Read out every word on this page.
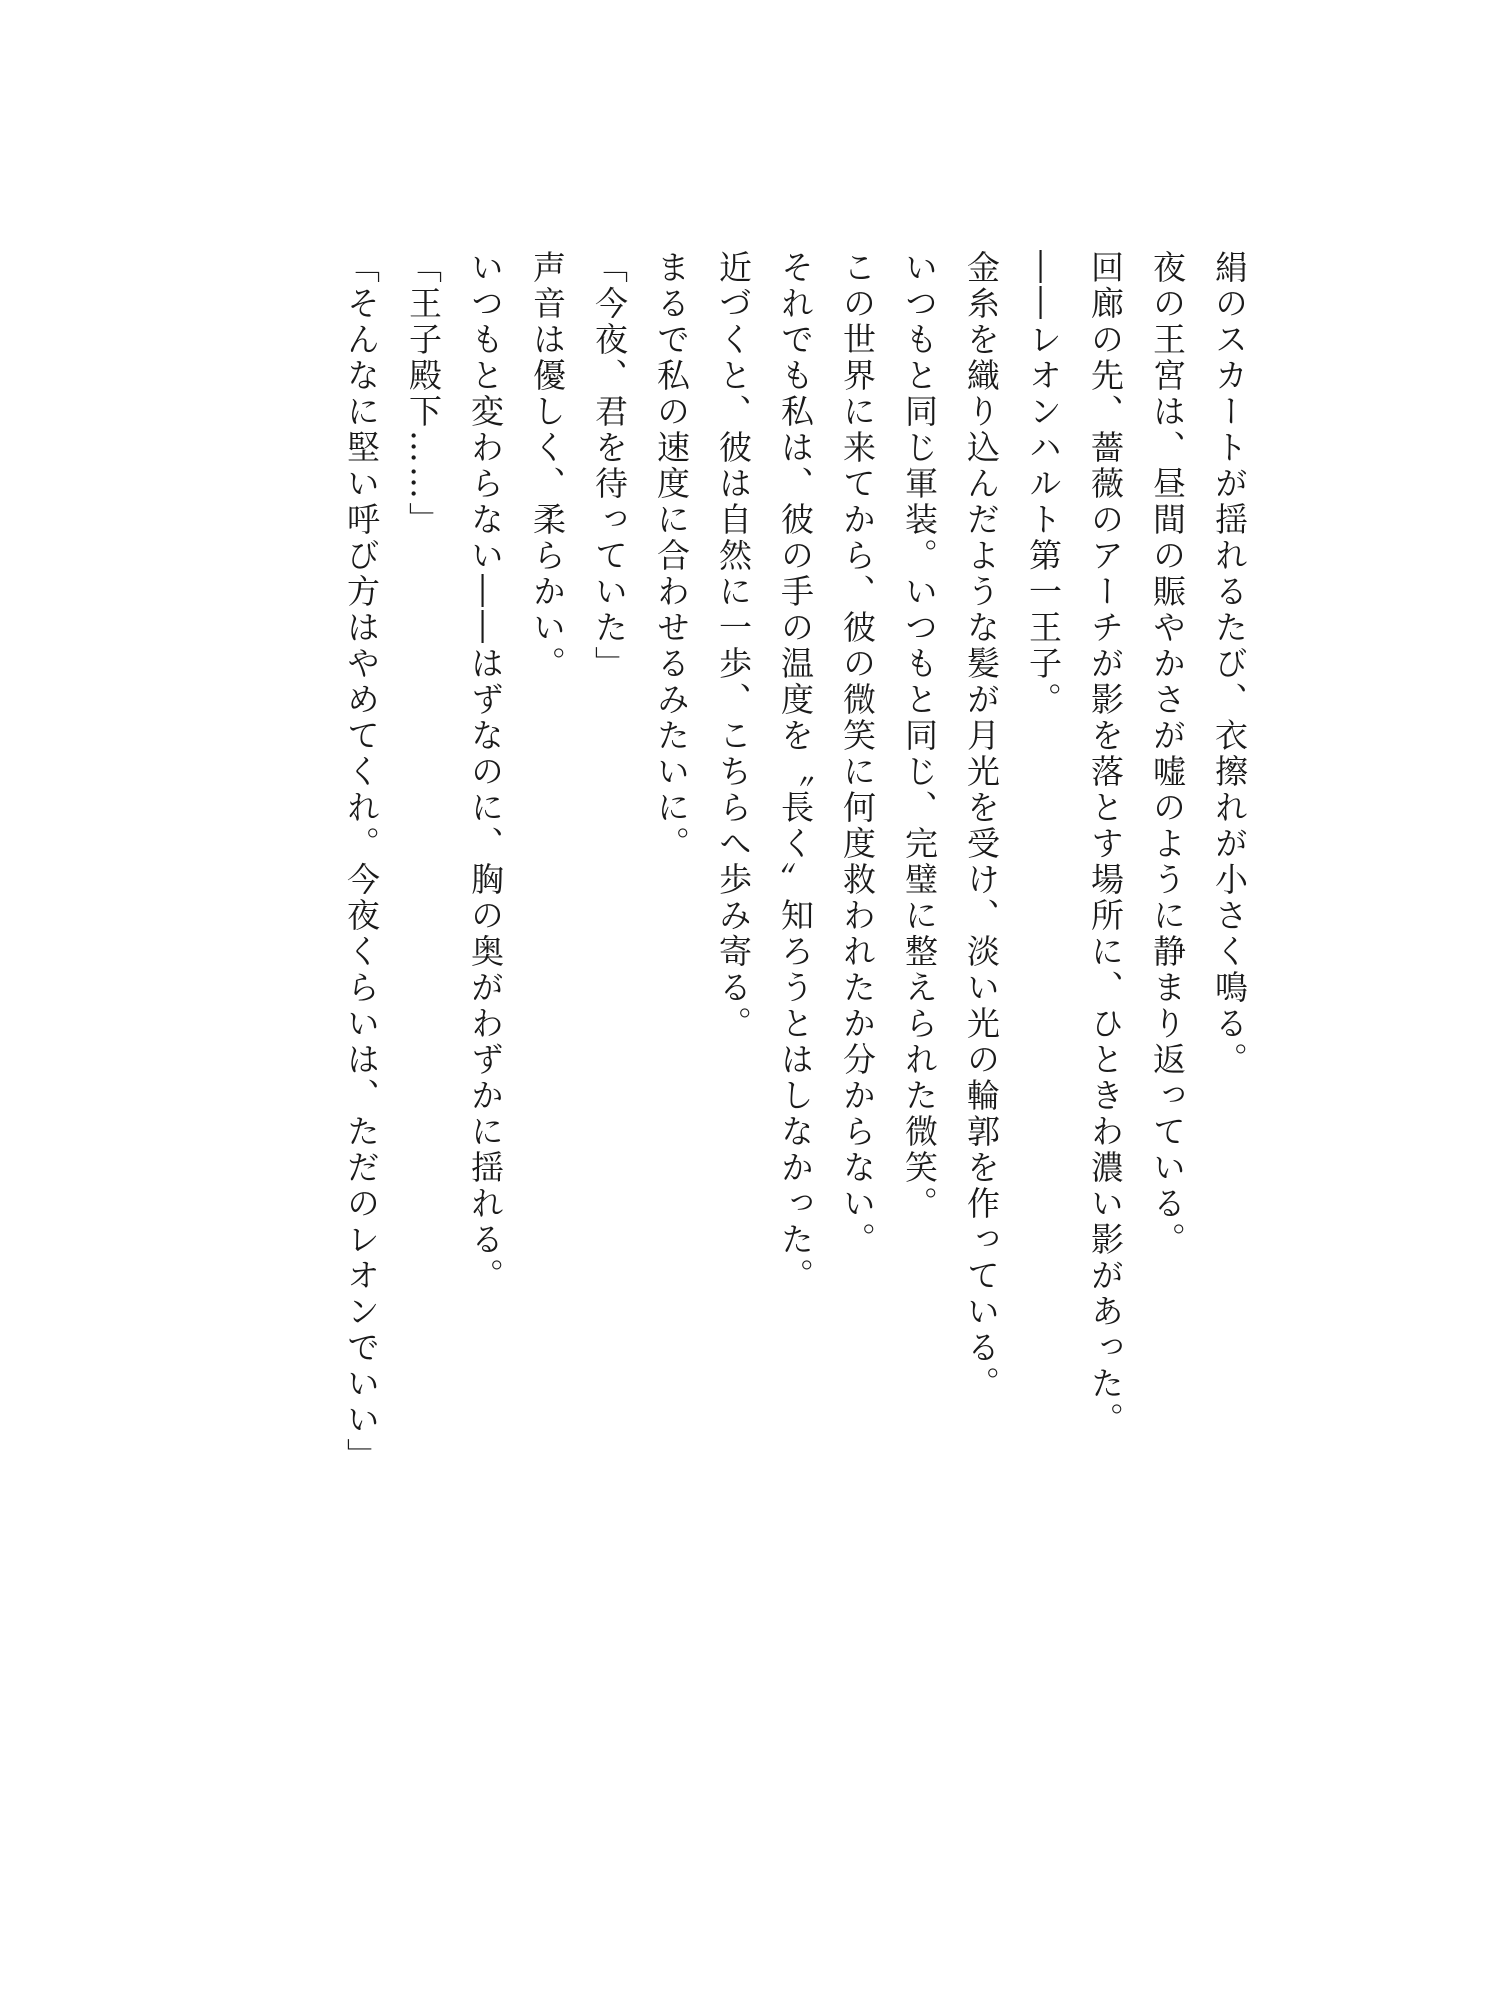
絹のスカートが揺れるたび、衣擦れが小さく鳴る。
夜の王宮は、昼間の賑やかさが嘘のように静まり返っている。
回廊の先、薔薇のアーチが影を落とす場所に、ひときわ濃い影があった。
――レオンハルト第一王子。
金糸を織り込んだような髪が月光を受け、淡い光の輪郭を作っている。
いつもと同じ軍装。いつもと同じ、完璧に整えられた微笑。
この世界に来てから、彼の微笑に何度救われたか分からない。
それでも私は、彼の手の温度を〝長く〟知ろうとはしなかった。
近づくと、彼は自然に一歩、こちらへ歩み寄る。
まるで私の速度に合わせるみたいに。
「今夜、君を待っていた」
声音は優しく、柔らかい。
いつもと変わらない――はずなのに、胸の奥がわずかに揺れる。
「王子殿下……」
「そんなに堅い呼び方はやめてくれ。今夜くらいは、ただのレオンでいい」
